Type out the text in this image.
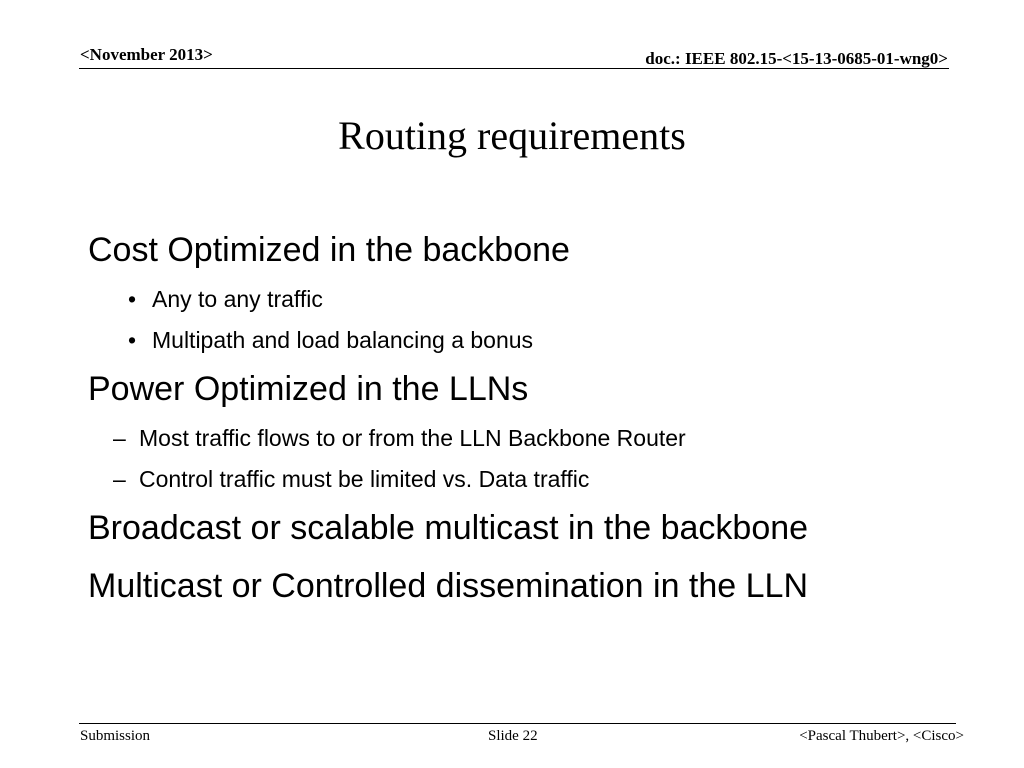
<November 2013>	doc.: IEEE 802.15-<15-13-0685-01-wng0>
Routing requirements
Cost Optimized in the backbone
• Any to any traffic
• Multipath and load balancing a bonus
Power Optimized in the LLNs
– Most traffic flows to or from the LLN Backbone Router
– Control traffic must be limited vs. Data traffic
Broadcast or scalable multicast in the backbone
Multicast or Controlled dissemination in the LLN
Submission	Slide 22	<Pascal Thubert>, <Cisco>
